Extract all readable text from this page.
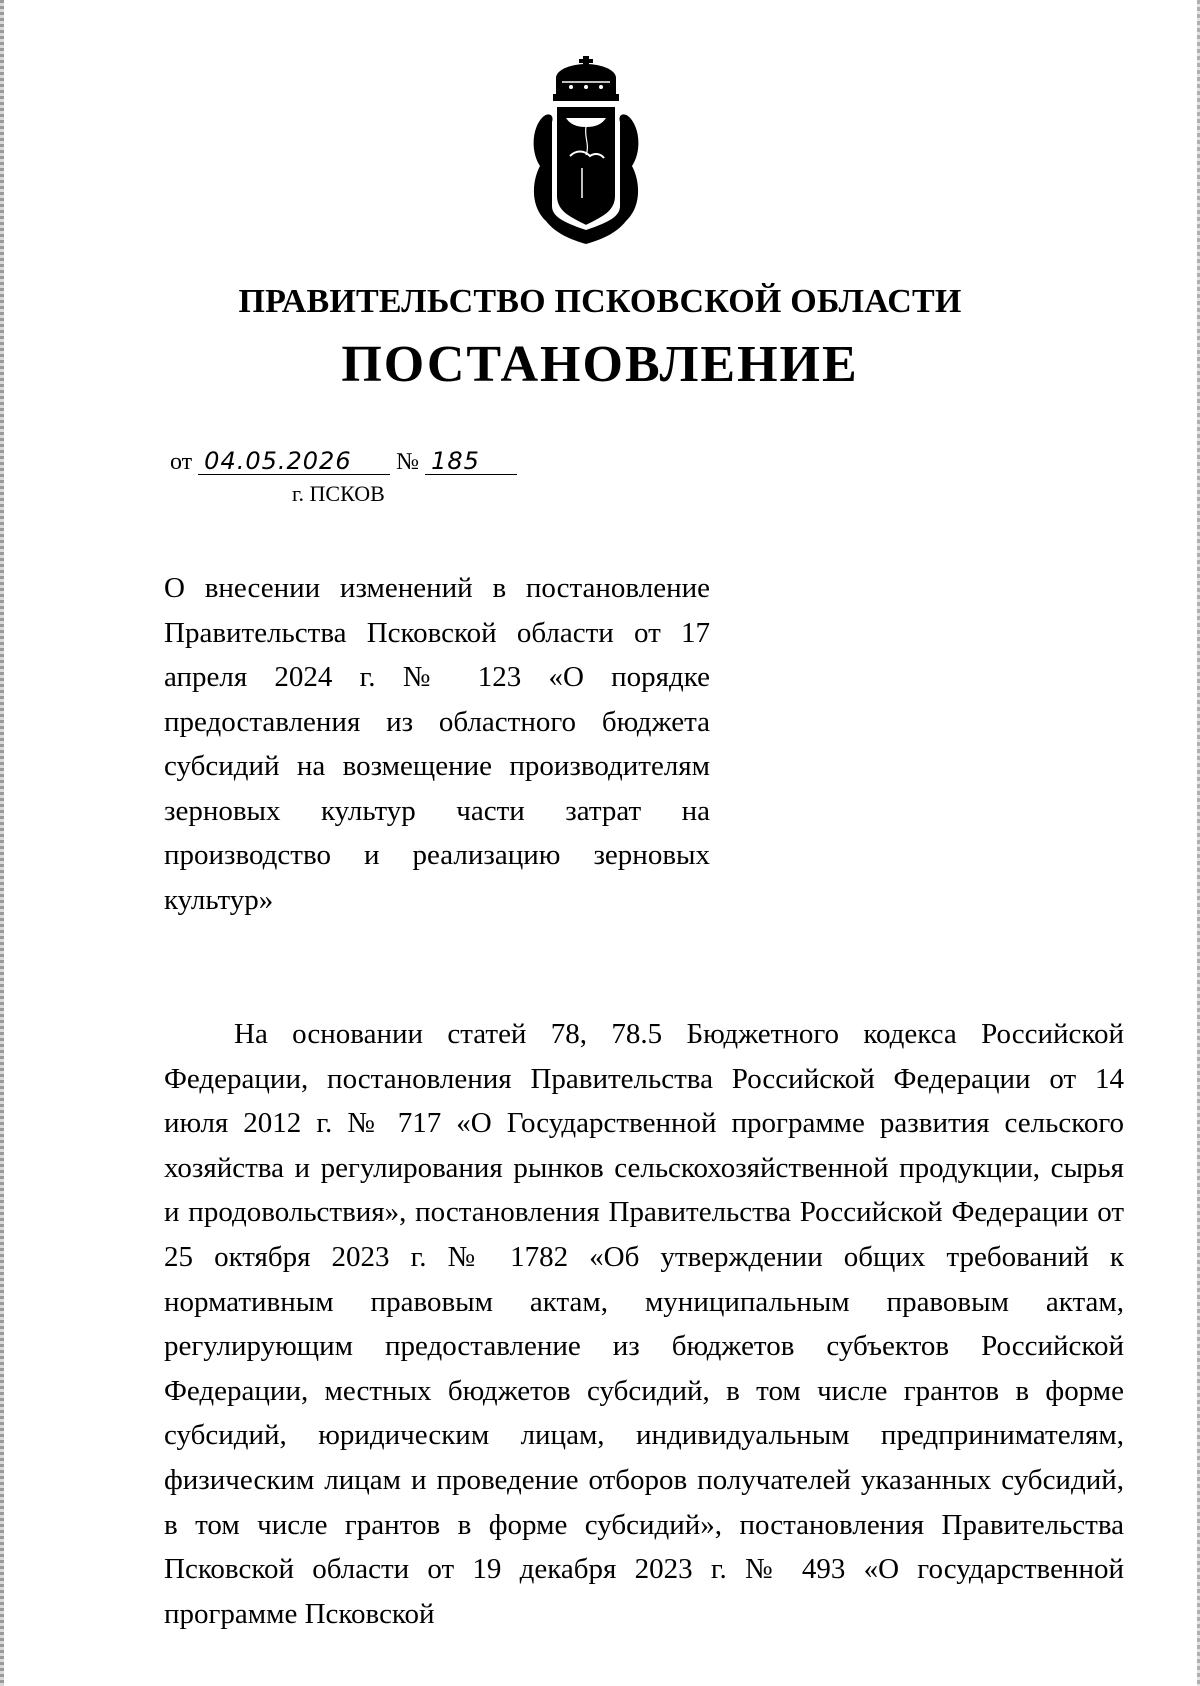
ПРАВИТЕЛЬСТВО ПСКОВСКОЙ ОБЛАСТИ
ПОСТАНОВЛЕНИЕ
от 04.05.2026 № 185
г. ПСКОВ
О внесении изменений в постановление Правительства Псковской области от 17 апреля 2024 г. № 123 «О порядке предоставления из областного бюджета субсидий на возмещение производителям зерновых культур части затрат на производство и реализацию зерновых культур»
На основании статей 78, 78.5 Бюджетного кодекса Российской Федерации, постановления Правительства Российской Федерации от 14 июля 2012 г. № 717 «О Государственной программе развития сельского хозяйства и регулирования рынков сельскохозяйственной продукции, сырья и продовольствия», постановления Правительства Российской Федерации от 25 октября 2023 г. № 1782 «Об утверждении общих требований к нормативным правовым актам, муниципальным правовым актам, регулирующим предоставление из бюджетов субъектов Российской Федерации, местных бюджетов субсидий, в том числе грантов в форме субсидий, юридическим лицам, индивидуальным предпринимателям, физическим лицам и проведение отборов получателей указанных субсидий, в том числе грантов в форме субсидий», постановления Правительства Псковской области от 19 декабря 2023 г. № 493 «О государственной программе Псковской
